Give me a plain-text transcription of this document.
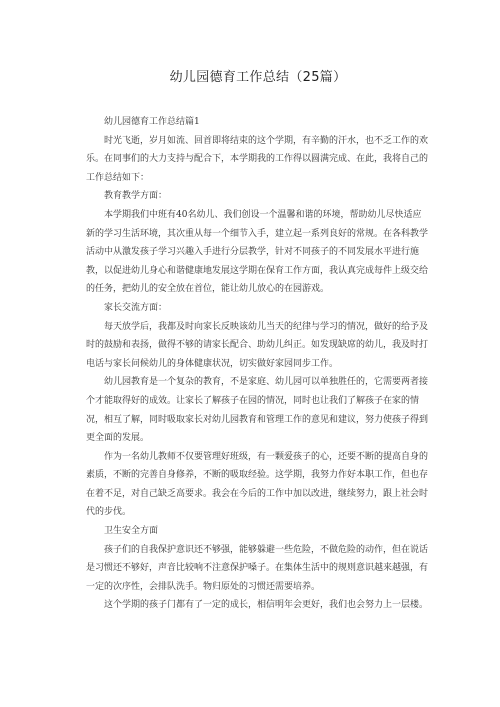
幼儿园德育工作总结（25篇）

幼儿园德育工作总结篇1

时光飞逝，岁月如流、回首即将结束的这个学期，有辛勤的汗水，也不乏工作的欢乐。在同事们的大力支持与配合下，本学期我的工作得以圆满完成、在此，我将自己的工作总结如下：

教育教学方面：

本学期我们中班有40名幼儿、我们创设一个温馨和谐的环境，帮助幼儿尽快适应新的学习生活环境，其次重从每一个细节入手，建立起一系列良好的常规。在各科教学活动中从激发孩子学习兴趣入手进行分层教学，针对不同孩子的不同发展水平进行施教，以促进幼儿身心和谐健康地发展这学期在保育工作方面，我认真完成每件上级交给的任务，把幼儿的安全放在首位，能让幼儿放心的在园游戏。

家长交流方面：

每天放学后，我都及时向家长反映该幼儿当天的纪律与学习的情况，做好的给予及时的鼓励和表扬，做得不够的请家长配合、助幼儿纠正。如发现缺席的幼儿，我及时打电话与家长问候幼儿的身体健康状况，切实做好家园同步工作。

幼儿园教育是一个复杂的教育，不是家庭、幼儿园可以单独胜任的，它需要两者接个才能取得好的成效。让家长了解孩子在园的情况，同时也让我们了解孩子在家的情况，相互了解，同时吸取家长对幼儿园教育和管理工作的意见和建议，努力使孩子得到更全面的发展。

作为一名幼儿教师不仅要管理好班级，有一颗爱孩子的心，还要不断的提高自身的素质，不断的完善自身修养，不断的吸取经验。这学期，我努力作好本职工作，但也存在着不足，对自己缺乏高要求。我会在今后的工作中加以改进，继续努力，跟上社会时代的步伐。

卫生安全方面

孩子们的自我保护意识还不够强，能够躲避一些危险，不做危险的动作，但在说话是习惯还不够好，声音比较响不注意保护嗓子。在集体生活中的规则意识越来越强，有一定的次序性，会排队洗手。物归原处的习惯还需要培养。

这个学期的孩子门都有了一定的成长，相信明年会更好，我们也会努力上一层楼。
